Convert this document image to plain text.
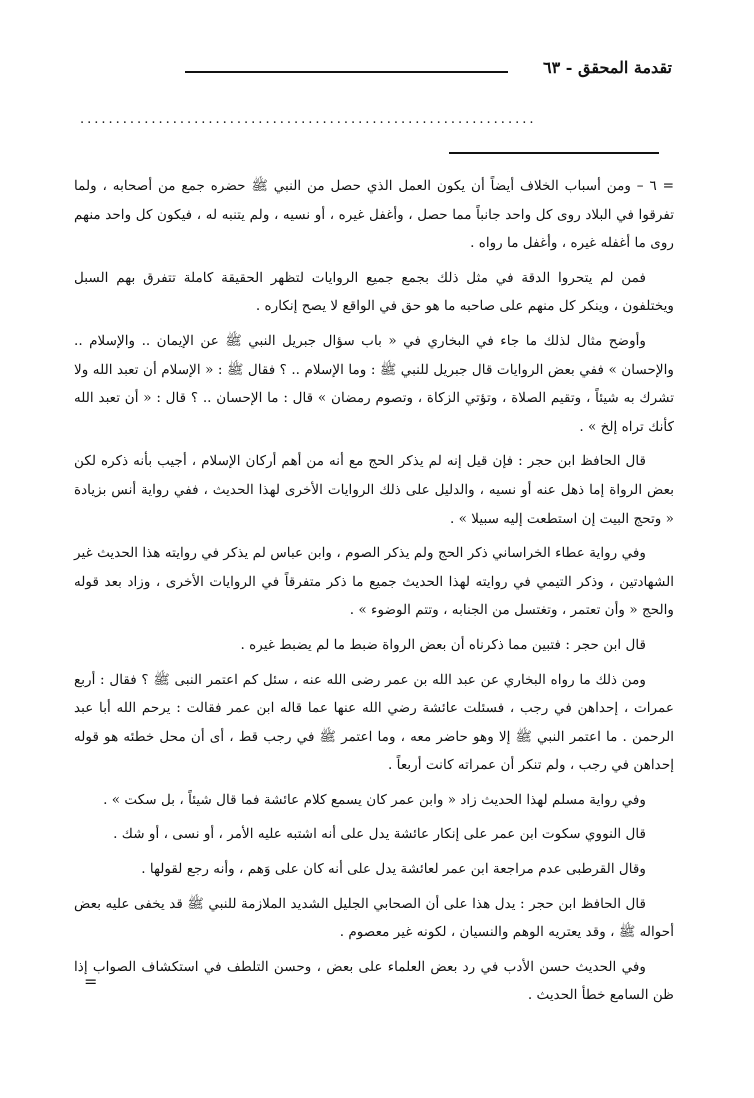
تقدمة المحقق - ٦٣
................................................................

= ٦ – ومن أسباب الخلاف أيضاً أن يكون العمل الذي حصل من النبي ﷺ حضره جمع من أصحابه ، ولما تفرقوا في البلاد روى كل واحد جانباً مما حصل ، وأغفل غيره ، أو نسيه ، ولم يتنبه له ، فيكون كل واحد منهم روى ما أغفله غيره ، وأغفل ما رواه .

فمن لم يتحروا الدقة في مثل ذلك بجمع جميع الروايات لتظهر الحقيقة كاملة تتفرق بهم السبل ويختلفون ، وينكر كل منهم على صاحبه ما هو حق في الواقع لا يصح إنكاره .

وأوضح مثال لذلك ما جاء في البخاري في « باب سؤال جبريل النبي ﷺ عن الإيمان .. والإسلام .. والإحسان » ففي بعض الروايات قال جبريل للنبي ﷺ : وما الإسلام .. ؟ فقال ﷺ : « الإسلام أن تعبد الله ولا تشرك به شيئاً ، وتقيم الصلاة ، وتؤتي الزكاة ، وتصوم رمضان » قال : ما الإحسان .. ؟ قال : « أن تعبد الله كأنك تراه إلخ » .

قال الحافظ ابن حجر : فإن قيل إنه لم يذكر الحج مع أنه من أهم أركان الإسلام ، أجيب بأنه ذكره لكن بعض الرواة إما ذهل عنه أو نسيه ، والدليل على ذلك الروايات الأخرى لهذا الحديث ، ففي رواية أنس بزيادة « وتحج البيت إن استطعت إليه سبيلا » .

وفي رواية عطاء الخراساني ذكر الحج ولم يذكر الصوم ، وابن عباس لم يذكر في روايته هذا الحديث غير الشهادتين ، وذكر التيمي في روايته لهذا الحديث جميع ما ذكر متفرقاً في الروايات الأخرى ، وزاد بعد قوله والحج « وأن تعتمر ، وتغتسل من الجنابه ، وتتم الوضوء » .

قال ابن حجر : فتبين مما ذكرناه أن بعض الرواة ضبط ما لم يضبط غيره .

ومن ذلك ما رواه البخاري عن عبد الله بن عمر رضى الله عنه ، سئل كم اعتمر النبى ﷺ ؟ فقال : أربع عمرات ، إحداهن في رجب ، فسئلت عائشة رضي الله عنها عما قاله ابن عمر فقالت : يرحم الله أبا عبد الرحمن . ما اعتمر النبي ﷺ إلا وهو حاضر معه ، وما اعتمر ﷺ في رجب قط ، أى أن محل خطئه هو قوله إحداهن في رجب ، ولم تنكر أن عمراته كانت أربعاً .

وفي رواية مسلم لهذا الحديث زاد « وابن عمر كان يسمع كلام عائشة فما قال شيئاً ، بل سكت » .

قال النووي سكوت ابن عمر على إنكار عائشة يدل على أنه اشتبه عليه الأمر ، أو نسى ، أو شك .

وقال القرطبى عدم مراجعة ابن عمر لعائشة يدل على أنه كان على وَهم ، وأنه رجع لقولها .

قال الحافظ ابن حجر : يدل هذا على أن الصحابي الجليل الشديد الملازمة للنبي ﷺ قد يخفى عليه بعض أحواله ﷺ ، وقد يعتريه الوهم والنسيان ، لكونه غير معصوم .

وفي الحديث حسن الأدب في رد بعض العلماء على بعض ، وحسن التلطف في استكشاف الصواب إذا ظن السامع خطأ الحديث .

=
